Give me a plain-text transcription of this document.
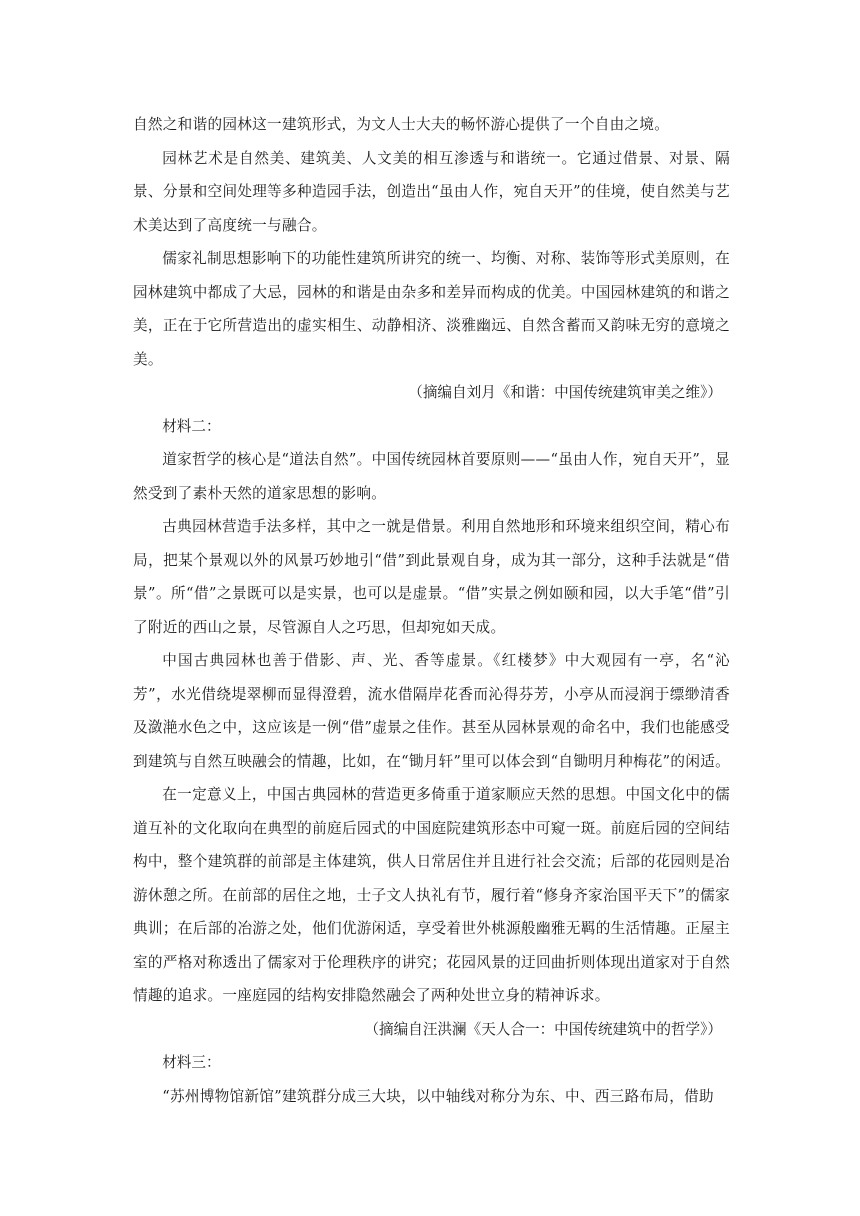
自然之和谐的园林这一建筑形式，为文人士大夫的畅怀游心提供了一个自由之境。

园林艺术是自然美、建筑美、人文美的相互渗透与和谐统一。它通过借景、对景、隔景、分景和空间处理等多种造园手法，创造出“虽由人作，宛自天开”的佳境，使自然美与艺术美达到了高度统一与融合。

儒家礼制思想影响下的功能性建筑所讲究的统一、均衡、对称、装饰等形式美原则，在园林建筑中都成了大忌，园林的和谐是由杂多和差异而构成的优美。中国园林建筑的和谐之美，正在于它所营造出的虚实相生、动静相济、淡雅幽远、自然含蓄而又韵味无穷的意境之美。

（摘编自刘月《和谐：中国传统建筑审美之维》）

材料二：

道家哲学的核心是“道法自然”。中国传统园林首要原则——“虽由人作，宛自天开”，显然受到了素朴天然的道家思想的影响。

古典园林营造手法多样，其中之一就是借景。利用自然地形和环境来组织空间，精心布局，把某个景观以外的风景巧妙地引“借”到此景观自身，成为其一部分，这种手法就是“借景”。所“借”之景既可以是实景，也可以是虚景。“借”实景之例如颐和园，以大手笔“借”引了附近的西山之景，尽管源自人之巧思，但却宛如天成。

中国古典园林也善于借影、声、光、香等虚景。《红楼梦》中大观园有一亭，名“沁芳”，水光借绕堤翠柳而显得澄碧，流水借隔岸花香而沁得芬芳，小亭从而浸润于缥缈清香及潋滟水色之中，这应该是一例“借”虚景之佳作。甚至从园林景观的命名中，我们也能感受到建筑与自然互映融会的情趣，比如，在“锄月轩”里可以体会到“自锄明月种梅花”的闲适。

在一定意义上，中国古典园林的营造更多倚重于道家顺应天然的思想。中国文化中的儒道互补的文化取向在典型的前庭后园式的中国庭院建筑形态中可窥一斑。前庭后园的空间结构中，整个建筑群的前部是主体建筑，供人日常居住并且进行社会交流；后部的花园则是冶游休憩之所。在前部的居住之地，士子文人执礼有节，履行着“修身齐家治国平天下”的儒家典训；在后部的冶游之处，他们优游闲适，享受着世外桃源般幽雅无羁的生活情趣。正屋主室的严格对称透出了儒家对于伦理秩序的讲究；花园风景的迂回曲折则体现出道家对于自然情趣的追求。一座庭园的结构安排隐然融会了两种处世立身的精神诉求。

（摘编自汪洪澜《天人合一：中国传统建筑中的哲学》）

材料三：

“苏州博物馆新馆”建筑群分成三大块，以中轴线对称分为东、中、西三路布局，借助
